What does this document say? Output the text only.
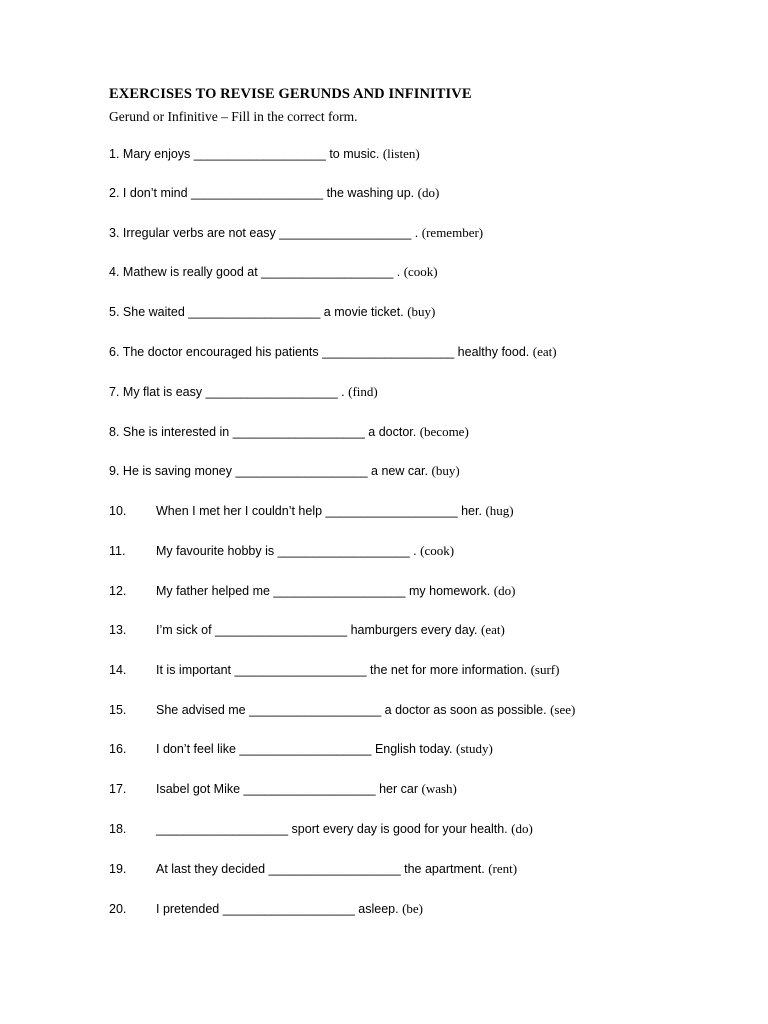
EXERCISES TO REVISE GERUNDS AND INFINITIVE
Gerund or Infinitive – Fill in the correct form.
1. Mary enjoys ___________________ to music. (listen)
2. I don’t mind ___________________ the washing up. (do)
3. Irregular verbs are not easy ___________________ . (remember)
4. Mathew is really good at ___________________ . (cook)
5. She waited ___________________ a movie ticket. (buy)
6. The doctor encouraged his patients ___________________ healthy food. (eat)
7. My flat is easy ___________________ . (find)
8. She is interested in ___________________ a doctor. (become)
9. He is saving money ___________________ a new car. (buy)
10. When I met her I couldn’t help ___________________ her. (hug)
11. My favourite hobby is ___________________ . (cook)
12. My father helped me ___________________ my homework. (do)
13. I’m sick of ___________________ hamburgers every day. (eat)
14. It is important ___________________ the net for more information. (surf)
15. She advised me ___________________ a doctor as soon as possible. (see)
16. I don’t feel like ___________________ English today. (study)
17. Isabel got Mike ___________________ her car (wash)
18. ___________________ sport every day is good for your health. (do)
19. At last they decided ___________________ the apartment. (rent)
20. I pretended ___________________ asleep. (be)
